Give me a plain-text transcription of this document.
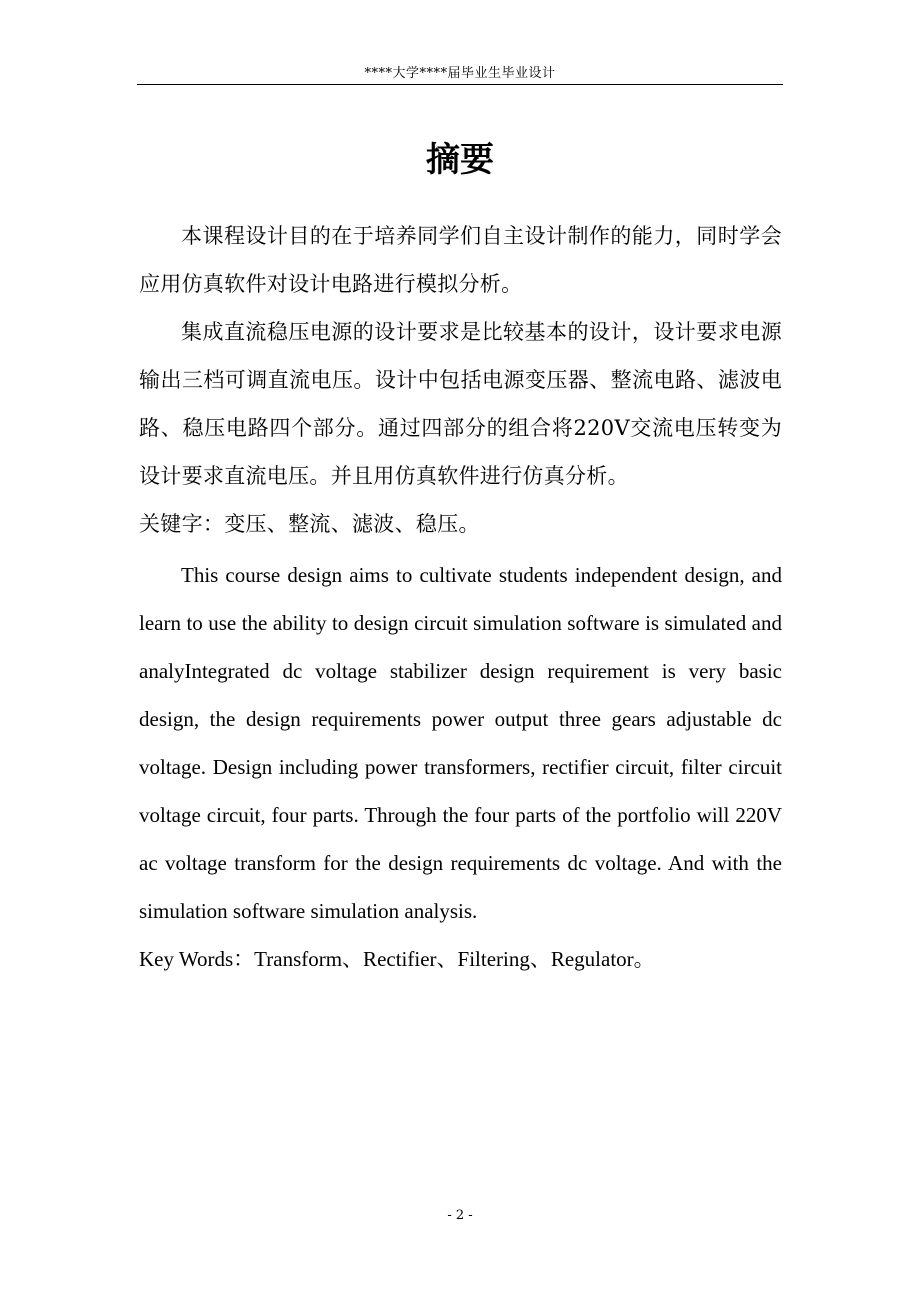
****大学****届毕业生毕业设计
摘要

本课程设计目的在于培养同学们自主设计制作的能力，同时学会应用仿真软件对设计电路进行模拟分析。

集成直流稳压电源的设计要求是比较基本的设计，设计要求电源输出三档可调直流电压。设计中包括电源变压器、整流电路、滤波电路、稳压电路四个部分。通过四部分的组合将220V交流电压转变为设计要求直流电压。并且用仿真软件进行仿真分析。

关键字：变压、整流、滤波、稳压。

This course design aims to cultivate students independent design, and learn to use the ability to design circuit simulation software is simulated and analyIntegrated dc voltage stabilizer design requirement is very basic design, the design requirements power output three gears adjustable dc voltage. Design including power transformers, rectifier circuit, filter circuit voltage circuit, four parts. Through the four parts of the portfolio will 220V ac voltage transform for the design requirements dc voltage. And with the simulation software simulation analysis.

Key Words：Transform、Rectifier、Filtering、Regulator。

- 2 -
